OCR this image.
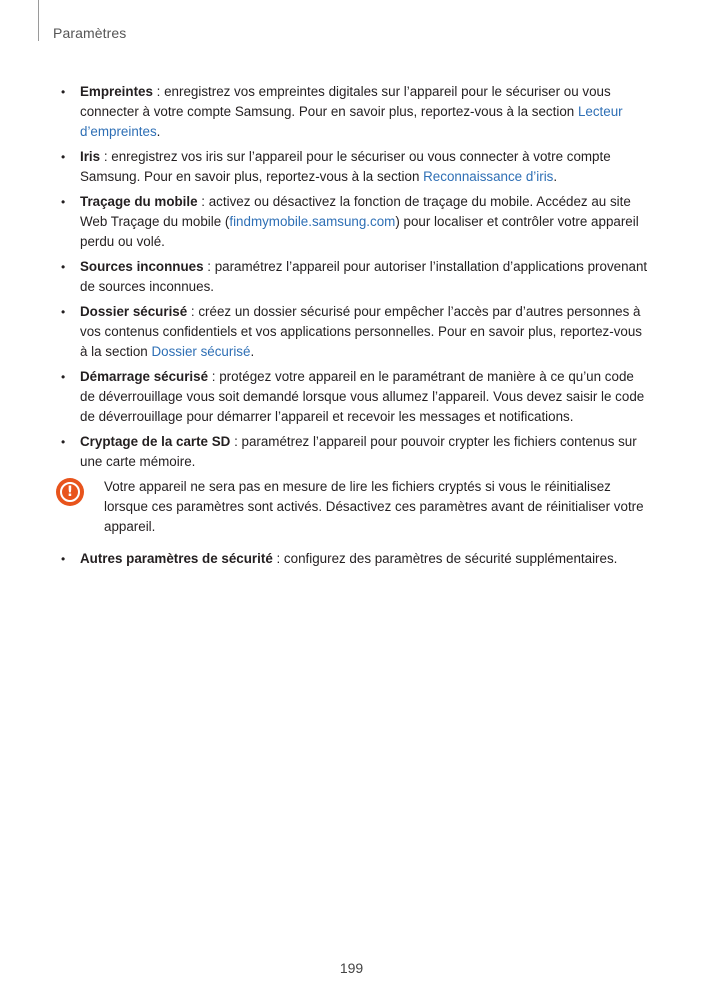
Paramètres
• Empreintes : enregistrez vos empreintes digitales sur l’appareil pour le sécuriser ou vous connecter à votre compte Samsung. Pour en savoir plus, reportez-vous à la section Lecteur d’empreintes.
• Iris : enregistrez vos iris sur l’appareil pour le sécuriser ou vous connecter à votre compte Samsung. Pour en savoir plus, reportez-vous à la section Reconnaissance d’iris.
• Traçage du mobile : activez ou désactivez la fonction de traçage du mobile. Accédez au site Web Traçage du mobile (findmymobile.samsung.com) pour localiser et contrôler votre appareil perdu ou volé.
• Sources inconnues : paramétrez l’appareil pour autoriser l’installation d’applications provenant de sources inconnues.
• Dossier sécurisé : créez un dossier sécurisé pour empêcher l’accès par d’autres personnes à vos contenus confidentiels et vos applications personnelles. Pour en savoir plus, reportez-vous à la section Dossier sécurisé.
• Démarrage sécurisé : protégez votre appareil en le paramétrant de manière à ce qu’un code de déverrouillage vous soit demandé lorsque vous allumez l’appareil. Vous devez saisir le code de déverrouillage pour démarrer l’appareil et recevoir les messages et notifications.
• Cryptage de la carte SD : paramétrez l’appareil pour pouvoir crypter les fichiers contenus sur une carte mémoire.
!	Votre appareil ne sera pas en mesure de lire les fichiers cryptés si vous le réinitialisez lorsque ces paramètres sont activés. Désactivez ces paramètres avant de réinitialiser votre appareil.
• Autres paramètres de sécurité : configurez des paramètres de sécurité supplémentaires.
199
